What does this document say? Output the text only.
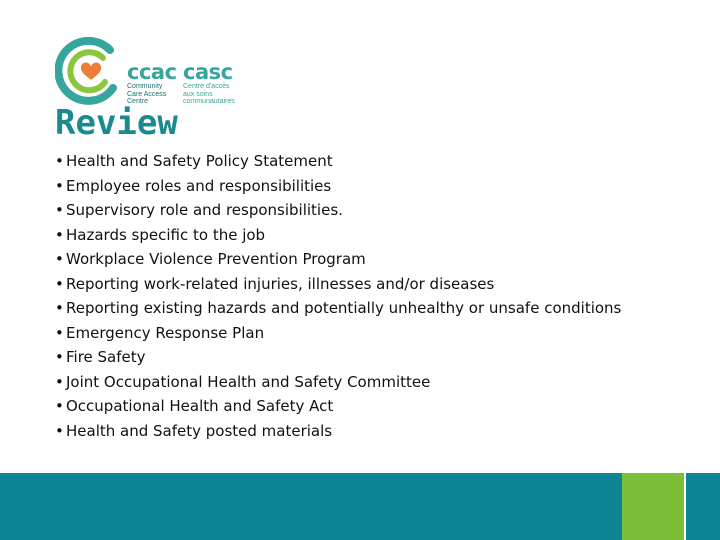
ccac casc
Community
Care Access
Centre
Centre d'accès
aux soins
communautaires
Review
• Health and Safety Policy Statement
• Employee roles and responsibilities
• Supervisory role and responsibilities.
• Hazards specific to the job
• Workplace Violence Prevention Program
• Reporting work-related injuries, illnesses and/or diseases
• Reporting existing hazards and potentially unhealthy or unsafe conditions
• Emergency Response Plan
• Fire Safety
• Joint Occupational Health and Safety Committee
• Occupational Health and Safety Act
• Health and Safety posted materials
